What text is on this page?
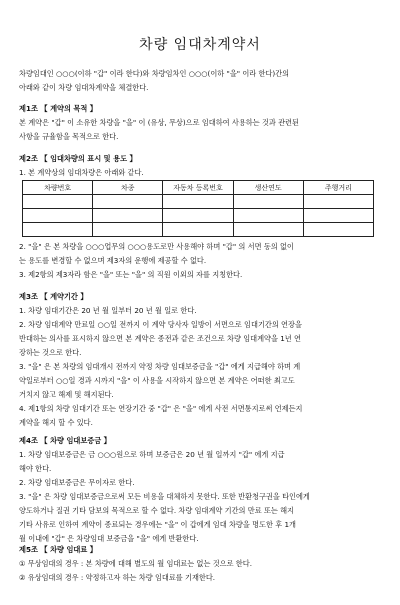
차량 임대차계약서
차량임대인 ○○○(이하 "갑" 이라 한다)와 차량임차인 ○○○(이하 "을" 이라 한다)간의
아래와 같이 차량 임대차계약을 체결한다.
제1조 【 계약의 목적 】
본 계약은 "갑" 이 소유한 차량을 "을" 이 (유상, 무상)으로 임대하여 사용하는 것과 관련된
사항을 규율함을 목적으로 한다.
제2조 【 임대차량의 표시 및 용도 】
1. 본 계약상의 임대차량은 아래와 같다.
차량번호	차종	자동차 등록번호	생산연도	주행거리

2. "을" 은 본 차량을 ○○○업무의 ○○○용도로만 사용해야 하며 "갑" 의 서면 동의 없이
는 용도를 변경할 수 없으며 제3자의 운행에 제공할 수 없다.
3. 제2항의 제3자라 함은 "을" 또는 "을" 의 직원 이외의 자를 지칭한다.
제3조 【 계약기간 】
1. 차량 임대기간은 20 년 월 일부터 20 년 월 일로 한다.
2. 차량 임대계약 만료일 ○○일 전까지 이 계약 당사자 일방이 서면으로 임대기간의 연장을
반대하는 의사를 표시하지 않으면 본 계약은 종전과 같은 조건으로 차량 임대계약을 1년 연
장하는 것으로 한다.
3. "을" 은 본 차량의 임대개시 전까지 약정 차량 임대보증금을 "갑" 에게 지급해야 하며 계
약일로부터 ○○일 경과 시까지 "을" 이 사용을 시작하지 않으면 본 계약은 어떠한 최고도
거치지 않고 해제 및 해지된다.
4. 제1항의 차량 임대기간 또는 연장기간 중 "갑" 은 "을" 에게 사전 서면통지로써 언제든지
계약을 해지 할 수 있다.
제4조 【 차량 임대보증금 】
1. 차량 임대보증금은 금 ○○○원으로 하며 보증금은 20 년 월 일까지 "갑" 에게 지급
해야 한다.
2. 차량 임대보증금은 무이자로 한다.
3. "을" 은 차량 임대보증금으로써 모든 비용을 대체하지 못한다. 또한 반환청구권을 타인에게
양도하거나 질권 기타 담보의 목적으로 할 수 없다. 차량 임대계약 기간의 만료 또는 해지
기타 사유로 인하여 계약이 종료되는 경우에는 "을" 이 갑에게 임대 차량을 명도한 후 1개
월 이내에 "갑" 은 차량임대 보증금을 "을" 에게 반환한다.
제5조 【 차량 임대료 】
① 무상임대의 경우 : 본 차량에 대해 별도의 월 임대료는 없는 것으로 한다.
② 유상임대의 경우 : 약정하고자 하는 차량 임대료를 기재한다.
